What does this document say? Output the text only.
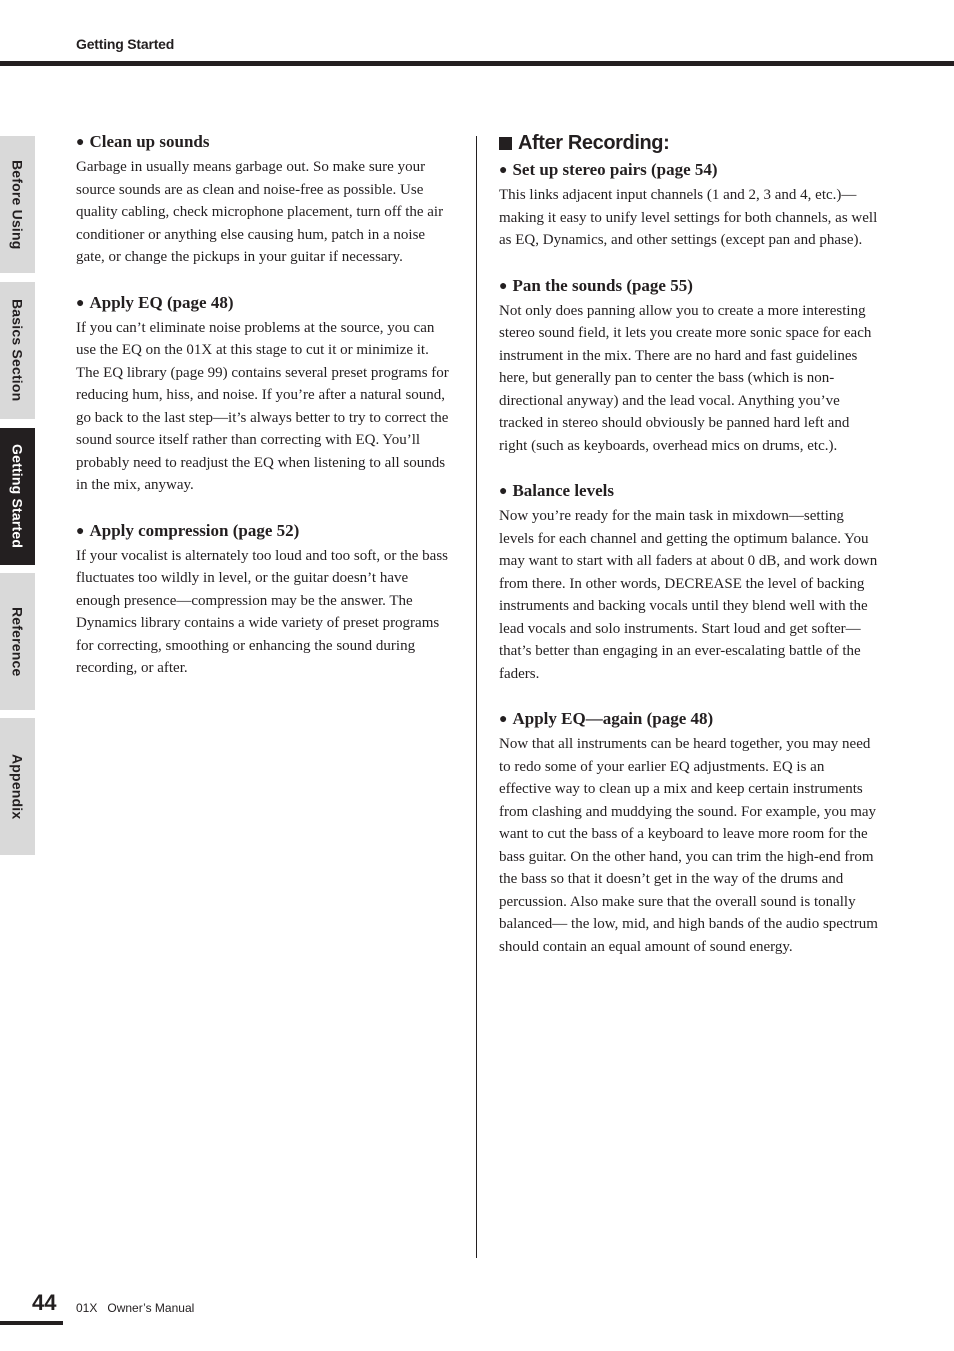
Getting Started
Before Using
Basics Section
Getting Started
Reference
Appendix

● Clean up sounds

Garbage in usually means garbage out. So make sure your source sounds are as clean and noise-free as possible. Use quality cabling, check microphone placement, turn off the air conditioner or anything else causing hum, patch in a noise gate, or change the pickups in your guitar if necessary.

● Apply EQ (page 48)

If you can’t eliminate noise problems at the source, you can use the EQ on the 01X at this stage to cut it or minimize it. The EQ library (page 99) contains several preset programs for reducing hum, hiss, and noise. If you’re after a natural sound, go back to the last step—it’s always better to try to correct the sound source itself rather than correcting with EQ. You’ll probably need to readjust the EQ when listening to all sounds in the mix, anyway.

● Apply compression (page 52)

If your vocalist is alternately too loud and too soft, or the bass fluctuates too wildly in level, or the guitar doesn’t have enough presence—compression may be the answer. The Dynamics library contains a wide variety of preset programs for correcting, smoothing or enhancing the sound during recording, or after.

After Recording:

● Set up stereo pairs (page 54)

This links adjacent input channels (1 and 2, 3 and 4, etc.)—making it easy to unify level settings for both channels, as well as EQ, Dynamics, and other settings (except pan and phase).

● Pan the sounds (page 55)

Not only does panning allow you to create a more interesting stereo sound field, it lets you create more sonic space for each instrument in the mix. There are no hard and fast guidelines here, but generally pan to center the bass (which is non-directional anyway) and the lead vocal. Anything you’ve tracked in stereo should obviously be panned hard left and right (such as keyboards, overhead mics on drums, etc.).

● Balance levels

Now you’re ready for the main task in mixdown—setting levels for each channel and getting the optimum balance. You may want to start with all faders at about 0 dB, and work down from there. In other words, DECREASE the level of backing instruments and backing vocals until they blend well with the lead vocals and solo instruments. Start loud and get softer—that’s better than engaging in an ever-escalating battle of the faders.

● Apply EQ—again (page 48)

Now that all instruments can be heard together, you may need to redo some of your earlier EQ adjustments. EQ is an effective way to clean up a mix and keep certain instruments from clashing and muddying the sound. For example, you may want to cut the bass of a keyboard to leave more room for the bass guitar. On the other hand, you can trim the high-end from the bass so that it doesn’t get in the way of the drums and percussion. Also make sure that the overall sound is tonally balanced— the low, mid, and high bands of the audio spectrum should contain an equal amount of sound energy.

44 01X   Owner’s Manual
